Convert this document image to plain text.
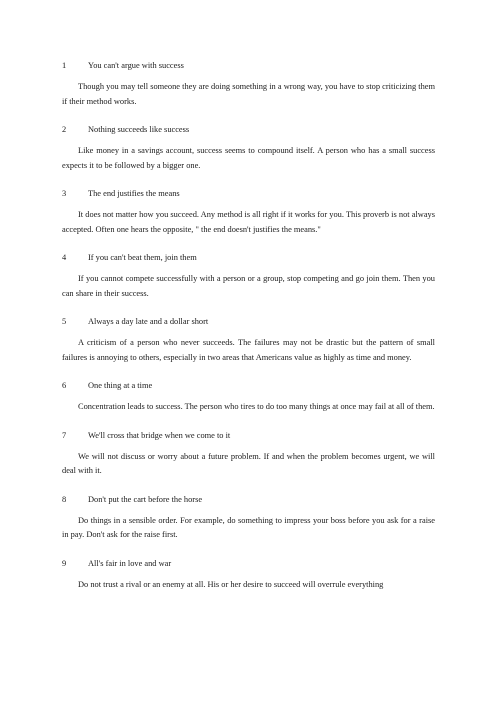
1	You can't argue with success

Though you may tell someone they are doing something in a wrong way, you have to stop criticizing them if their method works.

2	Nothing succeeds like success

Like money in a savings account, success seems to compound itself. A person who has a small success expects it to be followed by a bigger one.

3	The end justifies the means

It does not matter how you succeed. Any method is all right if it works for you. This proverb is not always accepted. Often one hears the opposite, " the end doesn't justifies the means."

4	If you can't beat them, join them

If you cannot compete successfully with a person or a group, stop competing and go join them. Then you can share in their success.

5	Always a day late and a dollar short

A criticism of a person who never succeeds. The failures may not be drastic but the pattern of small failures is annoying to others, especially in two areas that Americans value as highly as time and money.

6	One thing at a time

Concentration leads to success. The person who tires to do too many things at once may fail at all of them.

7	We'll cross that bridge when we come to it

We will not discuss or worry about a future problem. If and when the problem becomes urgent, we will deal with it.

8	Don't put the cart before the horse

Do things in a sensible order. For example, do something to impress your boss before you ask for a raise in pay. Don't ask for the raise first.

9	All's fair in love and war

Do not trust a rival or an enemy at all. His or her desire to succeed will overrule everything
